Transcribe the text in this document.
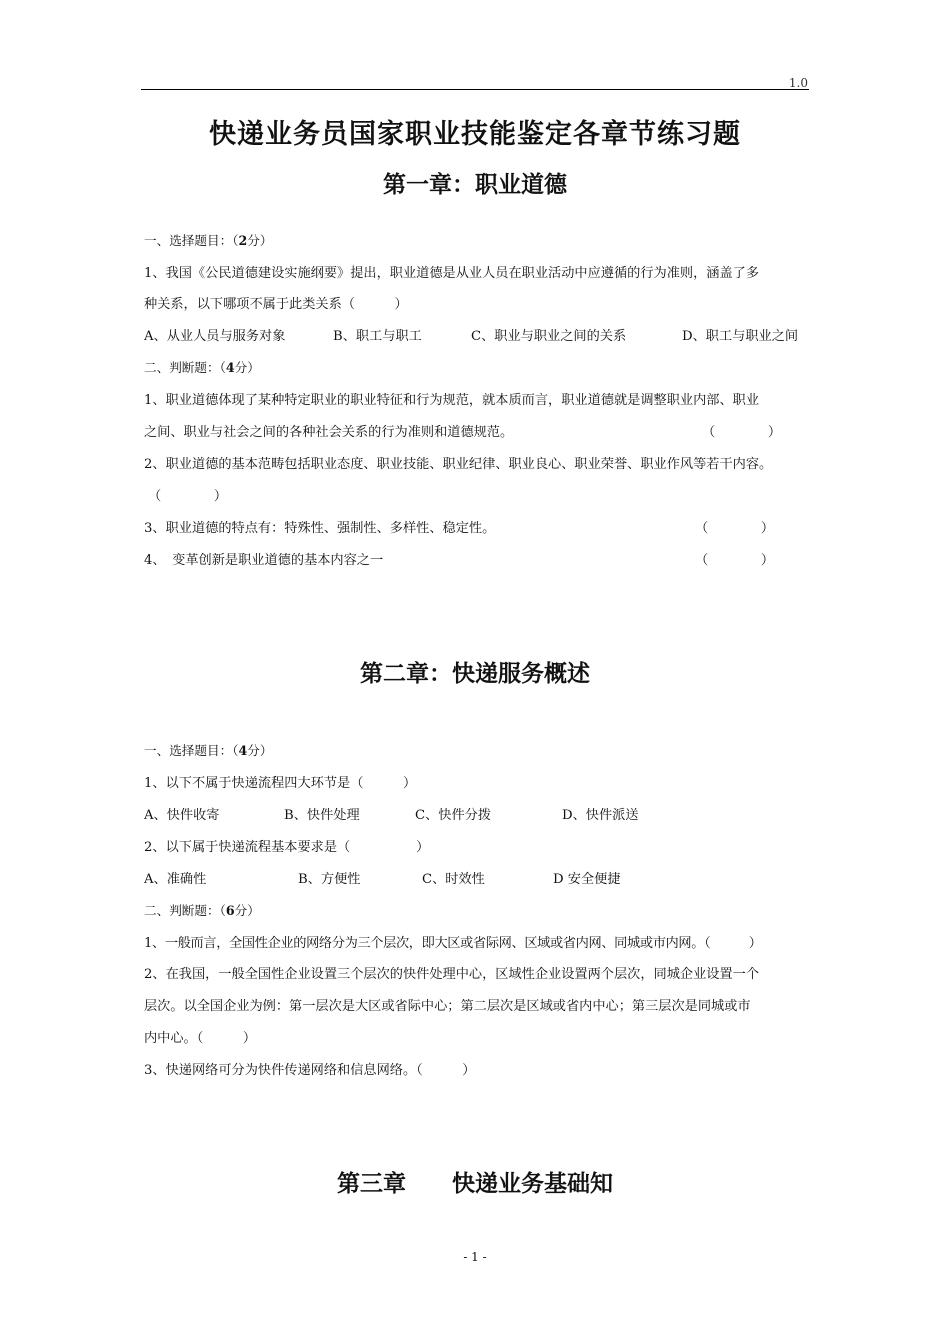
1.0
快递业务员国家职业技能鉴定各章节练习题
第一章：职业道德
一、选择题目：（2分）
1、我国《公民道德建设实施纲要》提出，职业道德是从业人员在职业活动中应遵循的行为准则，涵盖了多
种关系，以下哪项不属于此类关系（　　　）
A、从业人员与服务对象	B、职工与职工	C、职业与职业之间的关系	D、职工与职业之间
二、判断题：（4分）
1、职业道德体现了某种特定职业的职业特征和行为规范，就本质而言，职业道德就是调整职业内部、职业
之间、职业与社会之间的各种社会关系的行为准则和道德规范。	（　　　　）
2、职业道德的基本范畴包括职业态度、职业技能、职业纪律、职业良心、职业荣誉、职业作风等若干内容。
（　　　　）
3、职业道德的特点有：特殊性、强制性、多样性、稳定性。	（　　　　）
4、　变革创新是职业道德的基本内容之一	（　　　　）
第二章：快递服务概述
一、选择题目：（4分）
1、以下不属于快递流程四大环节是（　　　）
A、快件收寄	B、快件处理	C、快件分拨	D、快件派送
2、以下属于快递流程基本要求是（　　　　　）
A、准确性	B、方便性	C、时效性	D 安全便捷
二、判断题：（6分）
1、一般而言，全国性企业的网络分为三个层次，即大区或省际网、区域或省内网、同城或市内网。（　　　）
2、在我国，一般全国性企业设置三个层次的快件处理中心，区域性企业设置两个层次，同城企业设置一个
层次。以全国企业为例：第一层次是大区或省际中心；第二层次是区域或省内中心；第三层次是同城或市
内中心。（　　　）
3、快递网络可分为快件传递网络和信息网络。（　　　）
第三章　　快递业务基础知
- 1 -
